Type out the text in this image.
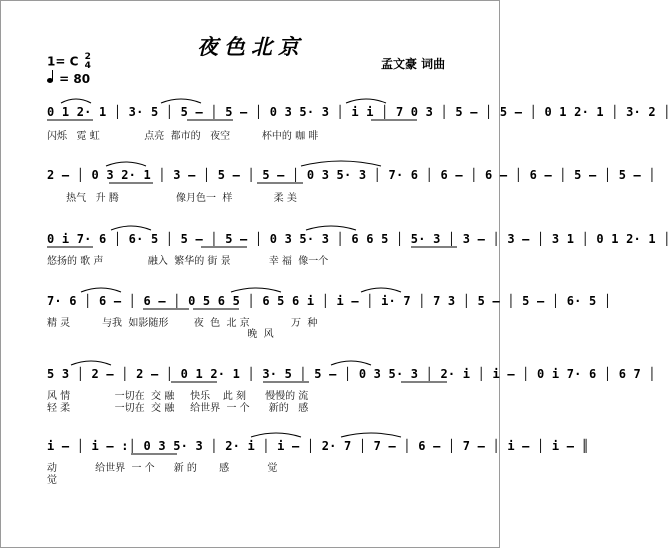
夜色北京
孟文豪 词曲
1= C 2
4
= 80
0 1 2· 1 │ 3· 5 │ 5 – │ 5 – │ 0 3 5· 3 │ i i │ 7 0 3 │ 5 – │ 5 – │ 0 1 2· 1 │ 3· 2 │
闪烁   霓 虹              点亮  都市的   夜空          杯中的 咖 啡
2 – │ 0 3 2· 1 │ 3 – │ 5 – │ 5 – │ 0 3 5· 3 │ 7· 6 │ 6 – │ 6 – │ 6 – │ 5 – │ 5 – │
热气   升 腾                  像月色一  样             柔 美
0 i 7· 6 │ 6· 5 │ 5 – │ 5 – │ 0 3 5· 3 │ 6 6 5 │ 5· 3 │ 3 – │ 3 – │ 3 1 │ 0 1 2· 1 │
悠扬的 歌 声              融入  繁华的 街 景            幸 福  像一个
7· 6 │ 6 – │ 6 – │ 0 5 6 5 │ 6 5 6 i │ i – │ i· 7 │ 7 3 │ 5 – │ 5 – │ 6· 5 │
精 灵          与我  如影随形        夜  色  北 京             万  种
晚  风
5 3 │ 2 – │ 2 – │ 0 1 2· 1 │ 3· 5 │ 5 – │ 0 3 5· 3 │ 2· i │ i – │ 0 i 7· 6 │ 6 7 │
风 情              一切在  交 融     快乐    此 刻      慢慢的 流
轻 柔              一切在  交 融     给世界  一 个      新的   感
i – │ i – :│ 0 3 5· 3 │ 2· i │ i – │ 2· 7 │ 7 – │ 6 – │ 7 – │ i – │ i – ║
动            给世界  一 个      新 的       感            觉
觉
